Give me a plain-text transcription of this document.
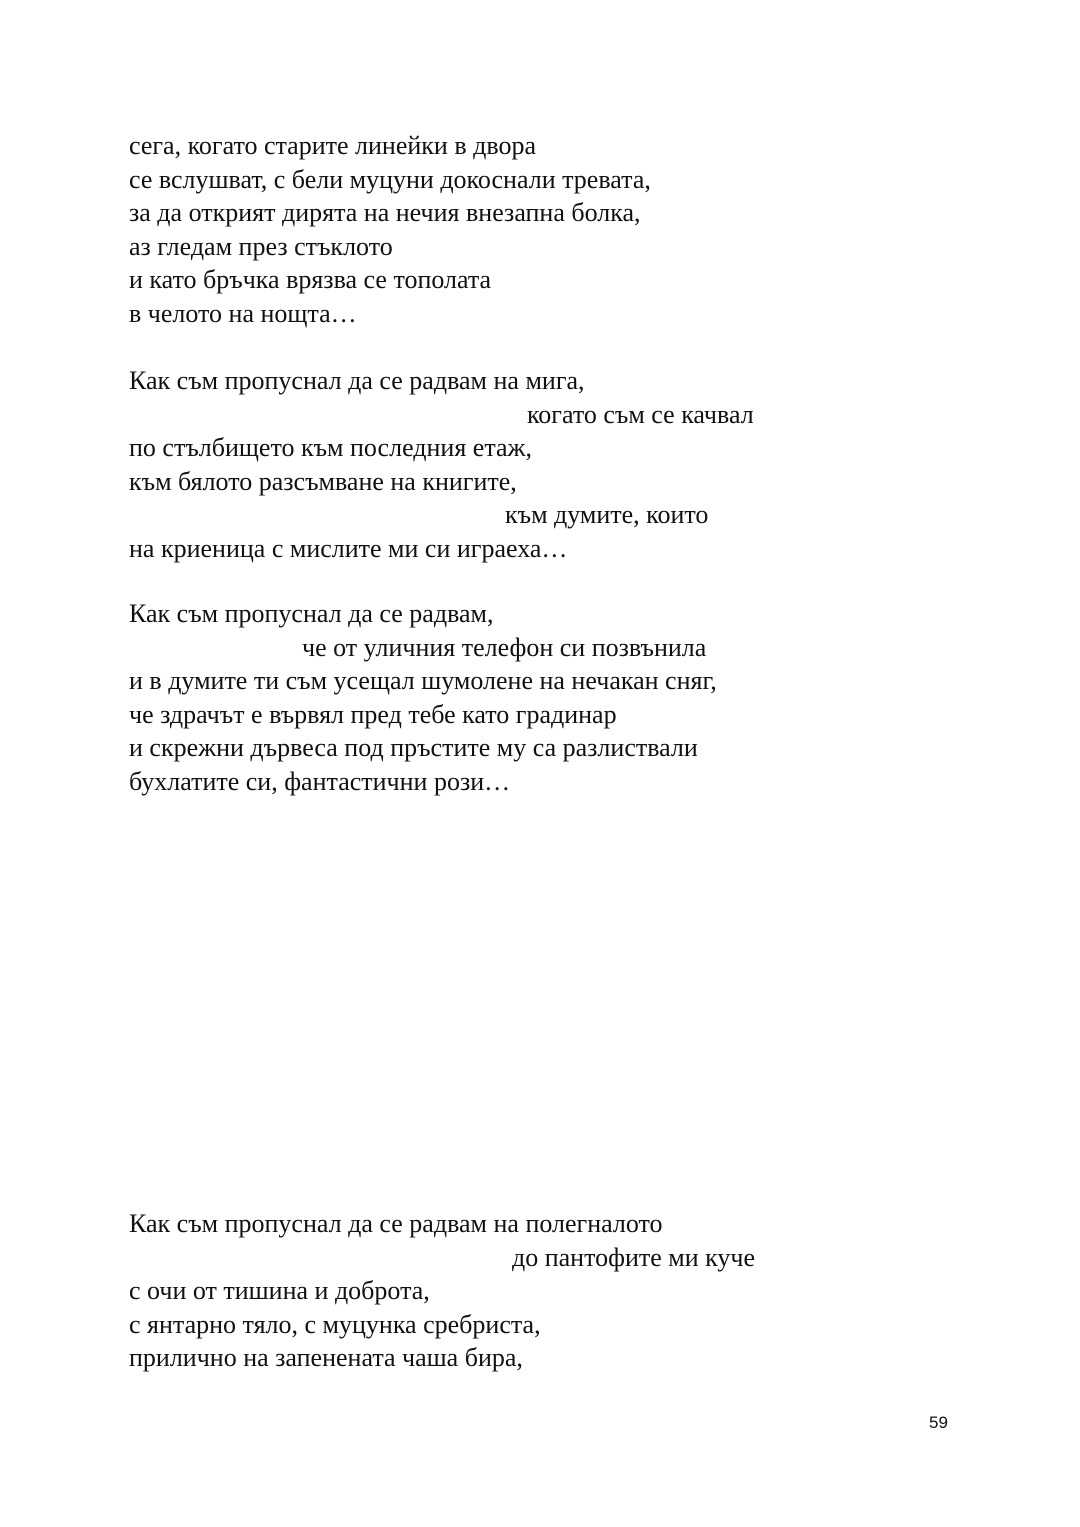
сега, когато старите линейки в двора
се вслушват, с бели муцуни докоснали тревата,
за да открият дирята на нечия внезапна болка,
аз гледам през стъклото
и като бръчка врязва се тополата
в челото на нощта…
Как съм пропуснал да се радвам на мига,
когато съм се качвал
по стълбището към последния етаж,
към бялото разсъмване на книгите,
към думите, които
на криеница с мислите ми си играеха…
Как съм пропуснал да се радвам,
че от уличния телефон си позвънила
и в думите ти съм усещал шумолене на нечакан сняг,
че здрачът е вървял пред тебе като градинар
и скрежни дървеса под пръстите му са разлиствали
бухлатите си, фантастични рози…
Как съм пропуснал да се радвам на полегналото
до пантофите ми куче
с очи от тишина и доброта,
с янтарно тяло, с муцунка сребриста,
прилично на запенената чаша бира,
59
